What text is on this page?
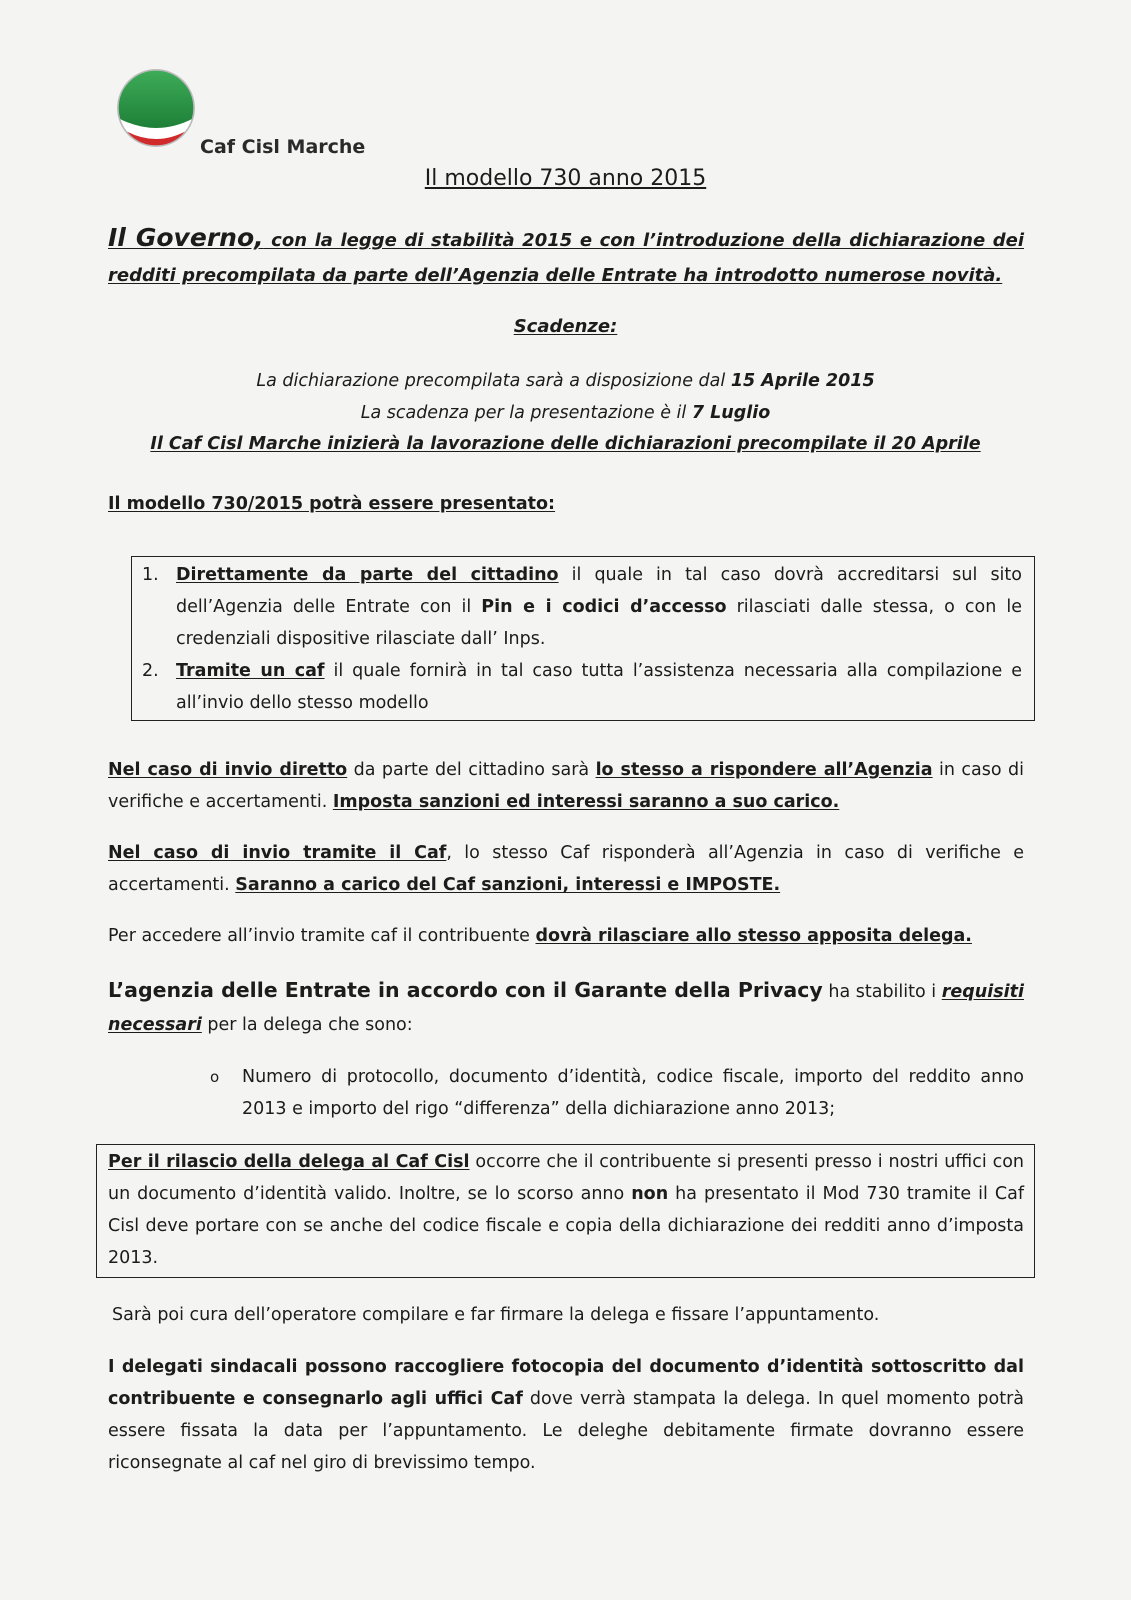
Caf Cisl Marche
Il modello 730 anno 2015

Il Governo, con la legge di stabilità 2015 e con l’introduzione della dichiarazione dei redditi precompilata da parte dell’Agenzia delle Entrate ha introdotto numerose novità.

Scadenze:
La dichiarazione precompilata sarà a disposizione dal 15 Aprile 2015
La scadenza per la presentazione è il 7 Luglio
Il Caf Cisl Marche inizierà la lavorazione delle dichiarazioni precompilate il 20 Aprile
Il modello 730/2015 potrà essere presentato:
1. Direttamente da parte del cittadino il quale in tal caso dovrà accreditarsi sul sito dell’Agenzia delle Entrate con il Pin e i codici d’accesso rilasciati dalle stessa, o con le credenziali dispositive rilasciate dall’ Inps.
2. Tramite un caf il quale fornirà in tal caso tutta l’assistenza necessaria alla compilazione e all’invio dello stesso modello

Nel caso di invio diretto da parte del cittadino sarà lo stesso a rispondere all’Agenzia in caso di verifiche e accertamenti. Imposta sanzioni ed interessi saranno a suo carico.

Nel caso di invio tramite il Caf, lo stesso Caf risponderà all’Agenzia in caso di verifiche e accertamenti. Saranno a carico del Caf sanzioni, interessi e IMPOSTE.

Per accedere all’invio tramite caf il contribuente dovrà rilasciare allo stesso apposita delega.

L’agenzia delle Entrate in accordo con il Garante della Privacy ha stabilito i requisiti necessari per la delega che sono:

o	Numero di protocollo, documento d’identità, codice fiscale, importo del reddito anno 2013 e importo del rigo “differenza” della dichiarazione anno 2013;

Per il rilascio della delega al Caf Cisl occorre che il contribuente si presenti presso i nostri uffici con un documento d’identità valido. Inoltre, se lo scorso anno non ha presentato il Mod 730 tramite il Caf Cisl deve portare con se anche del codice fiscale e copia della dichiarazione dei redditi anno d’imposta 2013.

Sarà poi cura dell’operatore compilare e far firmare la delega e fissare l’appuntamento.

I delegati sindacali possono raccogliere fotocopia del documento d’identità sottoscritto dal contribuente e consegnarlo agli uffici Caf dove verrà stampata la delega. In quel momento potrà essere fissata la data per l’appuntamento. Le deleghe debitamente firmate dovranno essere riconsegnate al caf nel giro di brevissimo tempo.
